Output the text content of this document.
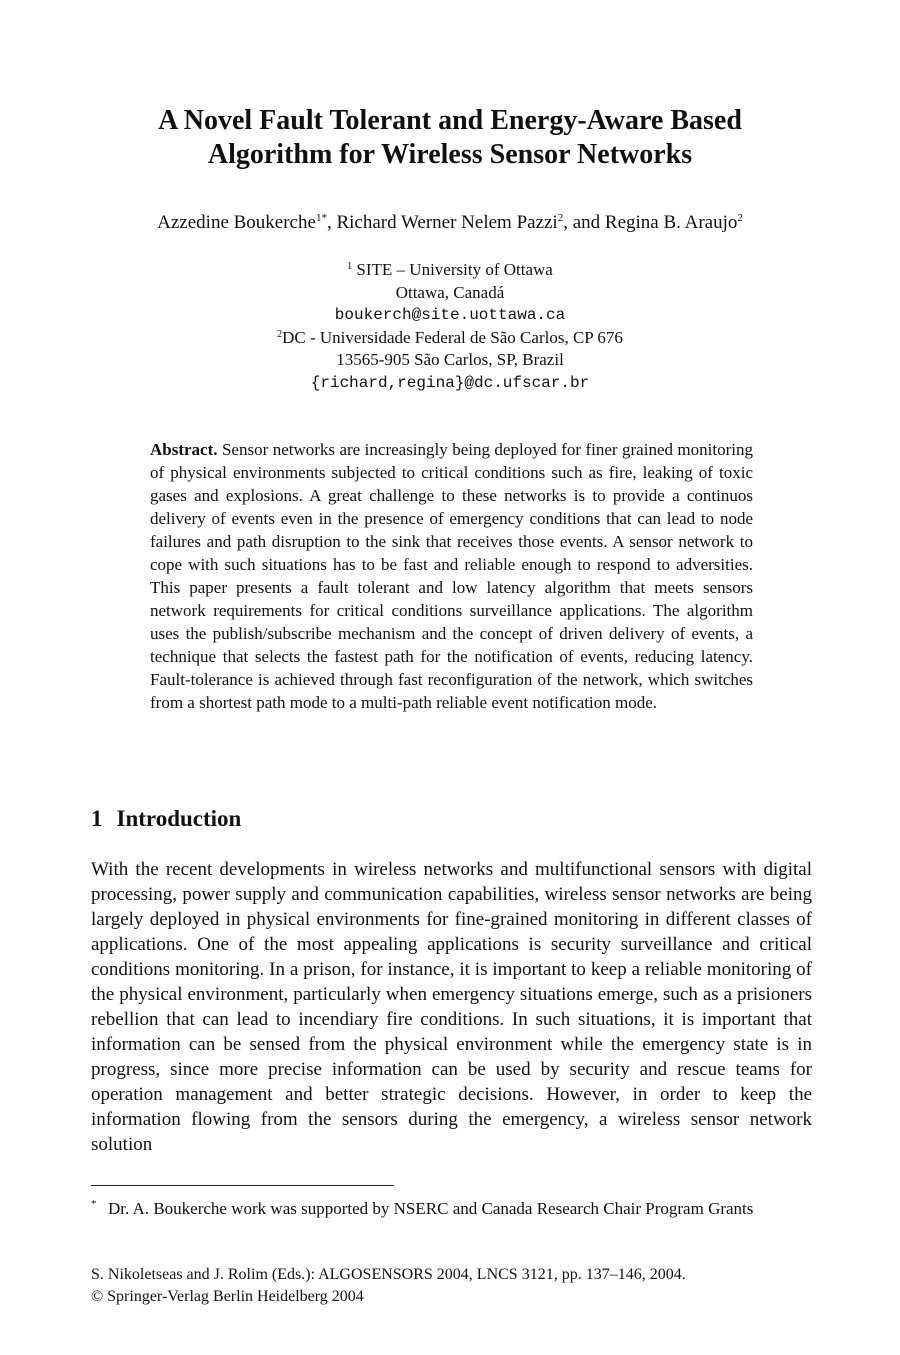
A Novel Fault Tolerant and Energy-Aware Based
Algorithm for Wireless Sensor Networks
Azzedine Boukerche$^{1*}$, Richard Werner Nelem Pazzi$^2$, and Regina B. Araujo$^2$
$^1$ SITE – University of Ottawa
Ottawa, Canadá
boukerch@site.uottawa.ca
$^2$DC - Universidade Federal de São Carlos, CP 676
13565-905 São Carlos, SP, Brazil
{richard,regina}@dc.ufscar.br
Abstract. Sensor networks are increasingly being deployed for finer grained monitoring of physical environments subjected to critical conditions such as fire, leaking of toxic gases and explosions. A great challenge to these networks is to provide a continuos delivery of events even in the presence of emergency conditions that can lead to node failures and path disruption to the sink that receives those events. A sensor network to cope with such situations has to be fast and reliable enough to respond to adversities. This paper presents a fault tolerant and low latency algorithm that meets sensors network requirements for critical conditions surveillance applications. The algorithm uses the publish/subscribe mechanism and the concept of driven delivery of events, a technique that selects the fastest path for the notification of events, reducing latency. Fault-tolerance is achieved through fast reconfiguration of the network, which switches from a shortest path mode to a multi-path reliable event notification mode.
1 Introduction
With the recent developments in wireless networks and multifunctional sensors with digital processing, power supply and communication capabilities, wireless sensor networks are being largely deployed in physical environments for fine-grained monitoring in different classes of applications. One of the most appealing applications is security surveillance and critical conditions monitoring. In a prison, for instance, it is important to keep a reliable monitoring of the physical environment, particularly when emergency situations emerge, such as a prisioners rebellion that can lead to incendiary fire conditions. In such situations, it is important that information can be sensed from the physical environment while the emergency state is in progress, since more precise information can be used by security and rescue teams for operation management and better strategic decisions. However, in order to keep the information flowing from the sensors during the emergency, a wireless sensor network solution
* Dr. A. Boukerche work was supported by NSERC and Canada Research Chair Program Grants
S. Nikoletseas and J. Rolim (Eds.): ALGOSENSORS 2004, LNCS 3121, pp. 137–146, 2004.
© Springer-Verlag Berlin Heidelberg 2004
